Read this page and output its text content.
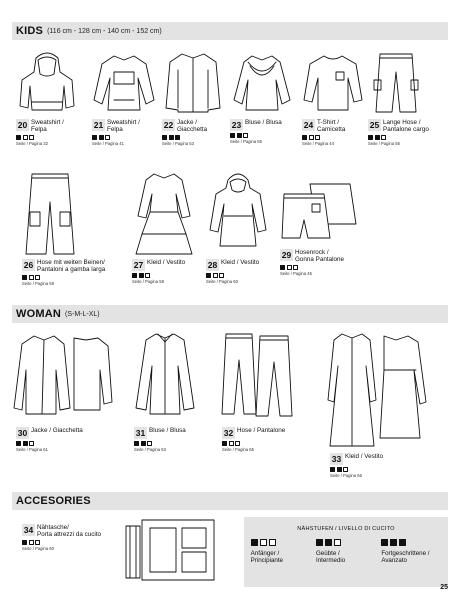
KIDS (116 cm - 128 cm - 140 cm - 152 cm)
WOMAN (S-M-L-XL)
ACCESORIES
20 Sweatshirt /
Felpa
Seite / Pagina 32
21 Sweatshirt /
Felpa
Seite / Pagina 41
22 Jacke /
Giacchetta
Seite / Pagina 53
23 Bluse / Blusa
Seite / Pagina 55
24 T-Shirt /
Camicetta
Seite / Pagina 44
25 Lange Hose /
Pantalone cargo
Seite / Pagina 56
26 Hose mit weiten Beinen/
Pantaloni a gamba larga
Seite / Pagina 59
27 Kleid / Vestito
Seite / Pagina 59
28 Kleid / Vestito
Seite / Pagina 60
29 Hosenrock /
Gonna Pantalone
Seite / Pagina 45
30 Jacke / Giacchetta
Seite / Pagina 61
31 Bluse / Blusa
Seite / Pagina 63
32 Hose / Pantalone
Seite / Pagina 65
33 Kleid / Vestito
Seite / Pagina 66
34 Nähtasche/
Porta attrezzi da cucito
Seite / Pagina 60
NÄHSTUFEN / LIVELLO DI CUCITO
Anfänger /
Principiante
Geübte /
Intermedio
Fortgeschrittene /
Avanzato
25
